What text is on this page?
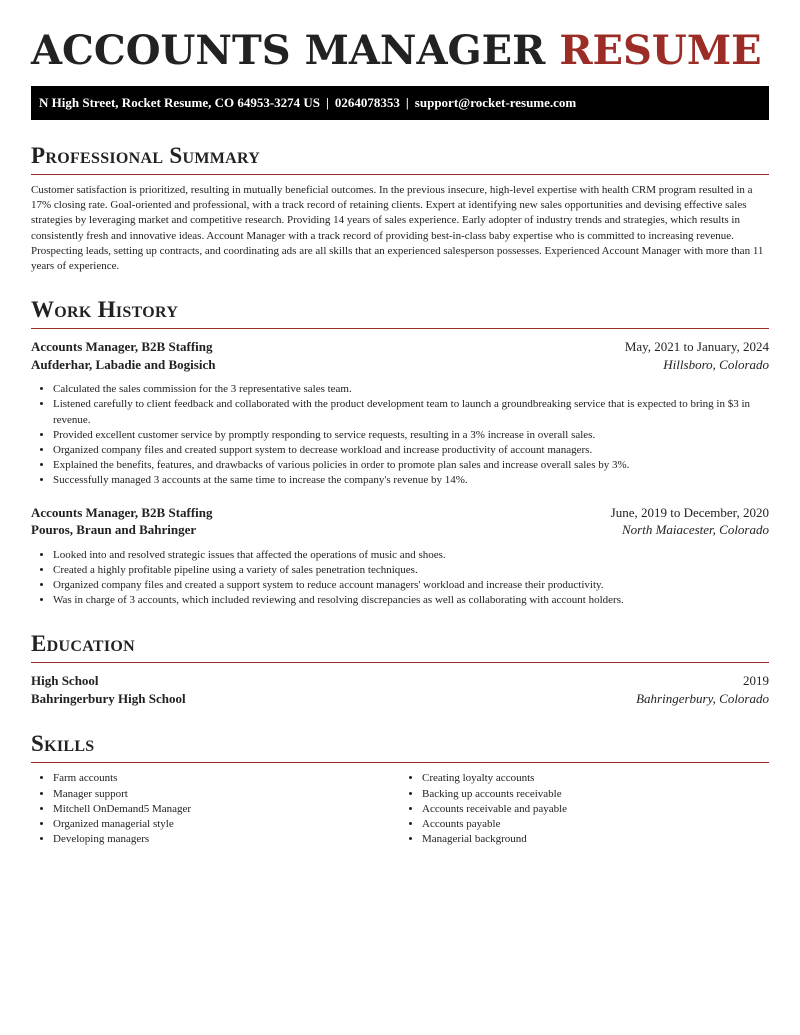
ACCOUNTS MANAGER RESUME
N High Street, Rocket Resume, CO 64953-3274 US | 0264078353 | support@rocket-resume.com
Professional Summary

Customer satisfaction is prioritized, resulting in mutually beneficial outcomes. In the previous insecure, high-level expertise with health CRM program resulted in a 17% closing rate. Goal-oriented and professional, with a track record of retaining clients. Expert at identifying new sales opportunities and devising effective sales strategies by leveraging market and competitive research. Providing 14 years of sales experience. Early adopter of industry trends and strategies, which results in consistently fresh and innovative ideas. Account Manager with a track record of providing best-in-class baby expertise who is committed to increasing revenue. Prospecting leads, setting up contracts, and coordinating ads are all skills that an experienced salesperson possesses. Experienced Account Manager with more than 11 years of experience.

Work History
Accounts Manager, B2B Staffing	May, 2021 to January, 2024
Aufderhar, Labadie and Bogisich	Hillsboro, Colorado
• Calculated the sales commission for the 3 representative sales team.
• Listened carefully to client feedback and collaborated with the product development team to launch a groundbreaking service that is expected to bring in $3 in revenue.
• Provided excellent customer service by promptly responding to service requests, resulting in a 3% increase in overall sales.
• Organized company files and created support system to decrease workload and increase productivity of account managers.
• Explained the benefits, features, and drawbacks of various policies in order to promote plan sales and increase overall sales by 3%.
• Successfully managed 3 accounts at the same time to increase the company's revenue by 14%.
Accounts Manager, B2B Staffing	June, 2019 to December, 2020
Pouros, Braun and Bahringer	North Maiacester, Colorado
• Looked into and resolved strategic issues that affected the operations of music and shoes.
• Created a highly profitable pipeline using a variety of sales penetration techniques.
• Organized company files and created a support system to reduce account managers' workload and increase their productivity.
• Was in charge of 3 accounts, which included reviewing and resolving discrepancies as well as collaborating with account holders.
Education
High School	2019
Bahringerbury High School	Bahringerbury, Colorado
Skills
• Farm accounts
• Manager support
• Mitchell OnDemand5 Manager
• Organized managerial style
• Developing managers
• Creating loyalty accounts
• Backing up accounts receivable
• Accounts receivable and payable
• Accounts payable
• Managerial background
